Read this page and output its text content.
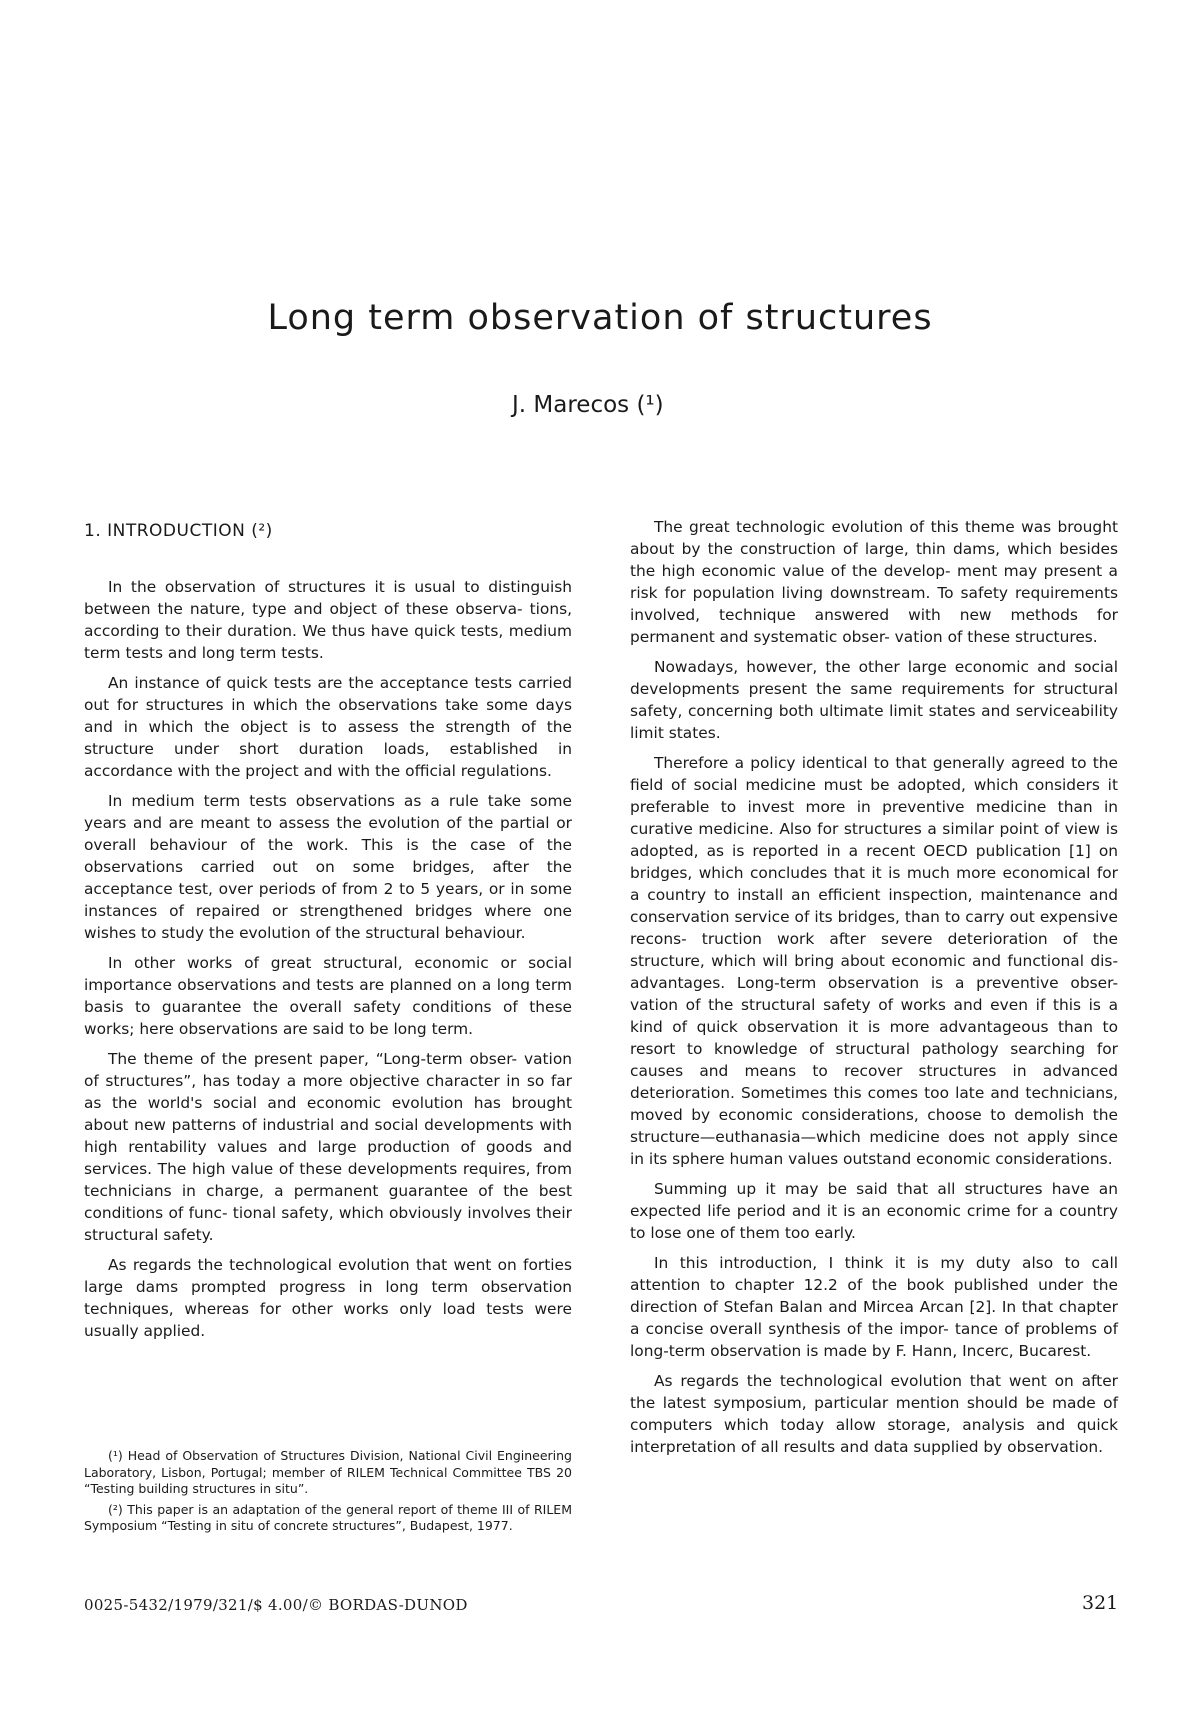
Long term observation of structures
J. Marecos (¹)
1. INTRODUCTION (²)

In the observation of structures it is usual to distinguish between the nature, type and object of these observa- tions, according to their duration. We thus have quick tests, medium term tests and long term tests.

An instance of quick tests are the acceptance tests carried out for structures in which the observations take some days and in which the object is to assess the strength of the structure under short duration loads, established in accordance with the project and with the official regulations.

In medium term tests observations as a rule take some years and are meant to assess the evolution of the partial or overall behaviour of the work. This is the case of the observations carried out on some bridges, after the acceptance test, over periods of from 2 to 5 years, or in some instances of repaired or strengthened bridges where one wishes to study the evolution of the structural behaviour.

In other works of great structural, economic or social importance observations and tests are planned on a long term basis to guarantee the overall safety conditions of these works; here observations are said to be long term.

The theme of the present paper, “Long-term obser- vation of structures”, has today a more objective character in so far as the world's social and economic evolution has brought about new patterns of industrial and social developments with high rentability values and large production of goods and services. The high value of these developments requires, from technicians in charge, a permanent guarantee of the best conditions of func- tional safety, which obviously involves their structural safety.

As regards the technological evolution that went on forties large dams prompted progress in long term observation techniques, whereas for other works only load tests were usually applied.

(¹) Head of Observation of Structures Division, National Civil Engineering Laboratory, Lisbon, Portugal; member of RILEM Technical Committee TBS 20 “Testing building structures in situ”.

(²) This paper is an adaptation of the general report of theme III of RILEM Symposium “Testing in situ of concrete structures”, Budapest, 1977.

The great technologic evolution of this theme was brought about by the construction of large, thin dams, which besides the high economic value of the develop- ment may present a risk for population living downstream. To safety requirements involved, technique answered with new methods for permanent and systematic obser- vation of these structures.

Nowadays, however, the other large economic and social developments present the same requirements for structural safety, concerning both ultimate limit states and serviceability limit states.

Therefore a policy identical to that generally agreed to the field of social medicine must be adopted, which considers it preferable to invest more in preventive medicine than in curative medicine. Also for structures a similar point of view is adopted, as is reported in a recent OECD publication [1] on bridges, which concludes that it is much more economical for a country to install an efficient inspection, maintenance and conservation service of its bridges, than to carry out expensive recons- truction work after severe deterioration of the structure, which will bring about economic and functional dis- advantages. Long-term observation is a preventive obser- vation of the structural safety of works and even if this is a kind of quick observation it is more advantageous than to resort to knowledge of structural pathology searching for causes and means to recover structures in advanced deterioration. Sometimes this comes too late and technicians, moved by economic considerations, choose to demolish the structure—euthanasia—which medicine does not apply since in its sphere human values outstand economic considerations.

Summing up it may be said that all structures have an expected life period and it is an economic crime for a country to lose one of them too early.

In this introduction, I think it is my duty also to call attention to chapter 12.2 of the book published under the direction of Stefan Balan and Mircea Arcan [2]. In that chapter a concise overall synthesis of the impor- tance of problems of long-term observation is made by F. Hann, Incerc, Bucarest.

As regards the technological evolution that went on after the latest symposium, particular mention should be made of computers which today allow storage, analysis and quick interpretation of all results and data supplied by observation.

0025-5432/1979/321/$ 4.00/© BORDAS-DUNOD	321
